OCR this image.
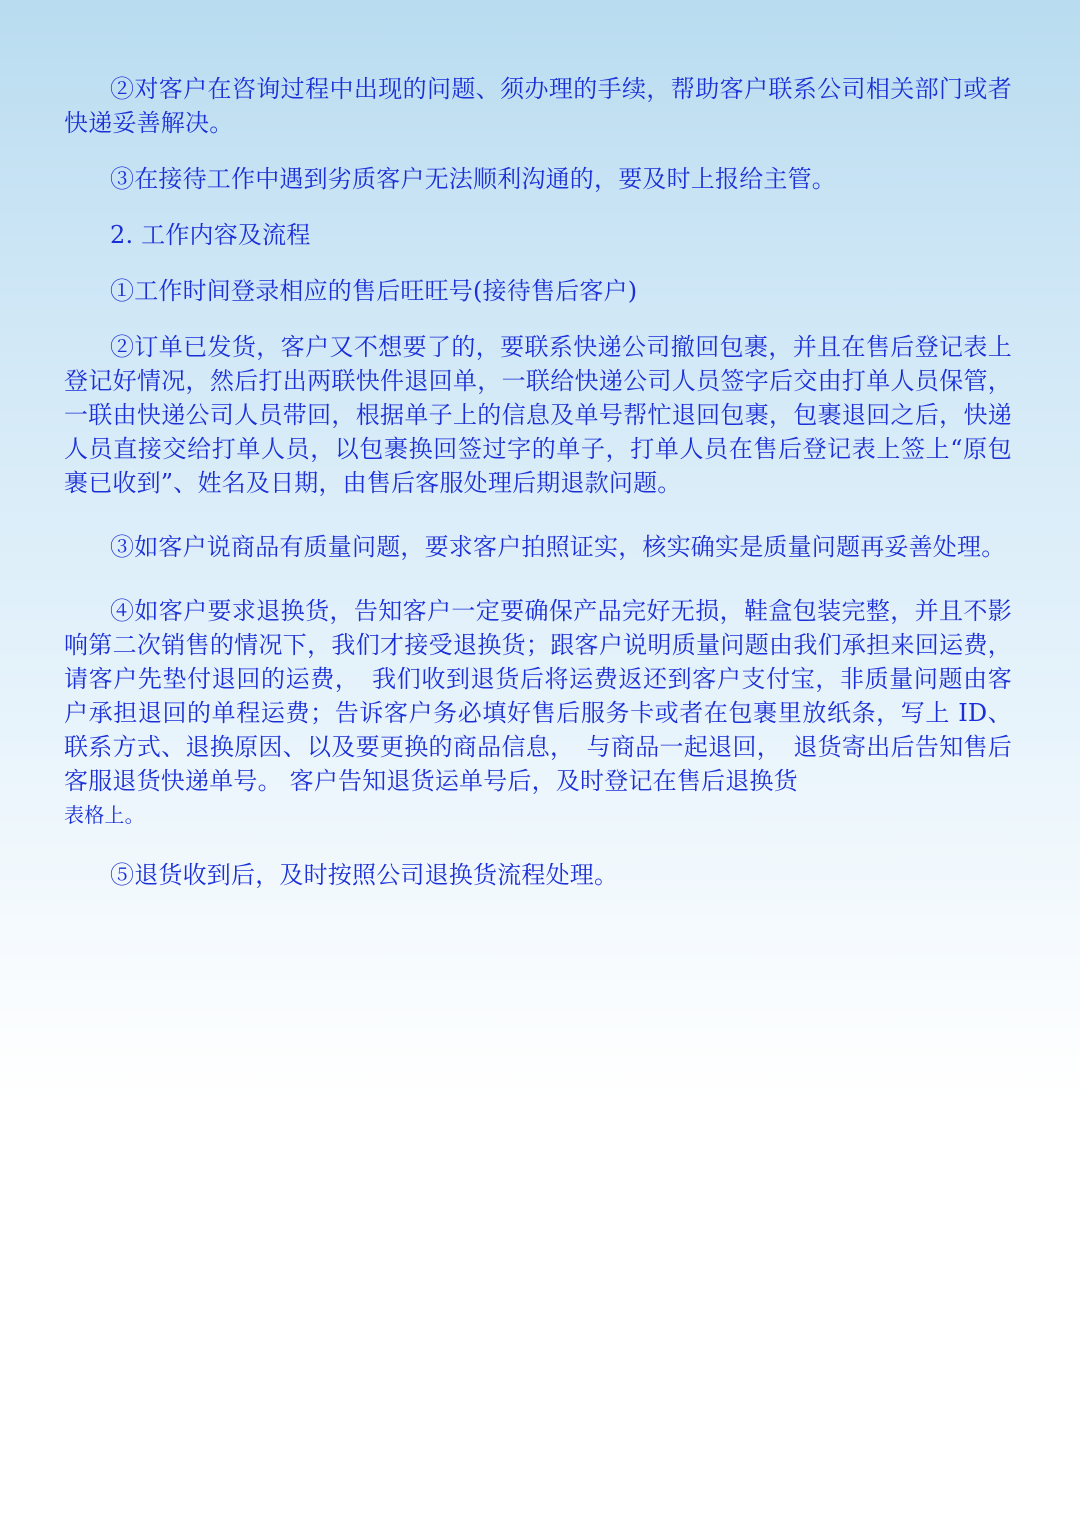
②对客户在咨询过程中出现的问题、须办理的手续，帮助客户联系公司相关部门或者快递妥善解决。

③在接待工作中遇到劣质客户无法顺利沟通的，要及时上报给主管。

2. 工作内容及流程

①工作时间登录相应的售后旺旺号(接待售后客户)

②订单已发货，客户又不想要了的，要联系快递公司撤回包裹，并且在售后登记表上登记好情况，然后打出两联快件退回单，一联给快递公司人员签字后交由打单人员保管，一联由快递公司人员带回，根据单子上的信息及单号帮忙退回包裹，包裹退回之后，快递人员直接交给打单人员，以包裹换回签过字的单子，打单人员在售后登记表上签上“原包裹已收到”、姓名及日期，由售后客服处理后期退款问题。

③如客户说商品有质量问题，要求客户拍照证实，核实确实是质量问题再妥善处理。

④如客户要求退换货，告知客户一定要确保产品完好无损，鞋盒包装完整，并且不影响第二次销售的情况下，我们才接受退换货；跟客户说明质量问题由我们承担来回运费，请客户先垫付退回的运费，　我们收到退货后将运费返还到客户支付宝，非质量问题由客户承担退回的单程运费；告诉客户务必填好售后服务卡或者在包裹里放纸条，写上 ID、 联系方式、退换原因、以及要更换的商品信息，　与商品一起退回，　退货寄出后告知售后客服退货快递单号。 客户告知退货运单号后，及时登记在售后退换货

表格上。

⑤退货收到后，及时按照公司退换货流程处理。
